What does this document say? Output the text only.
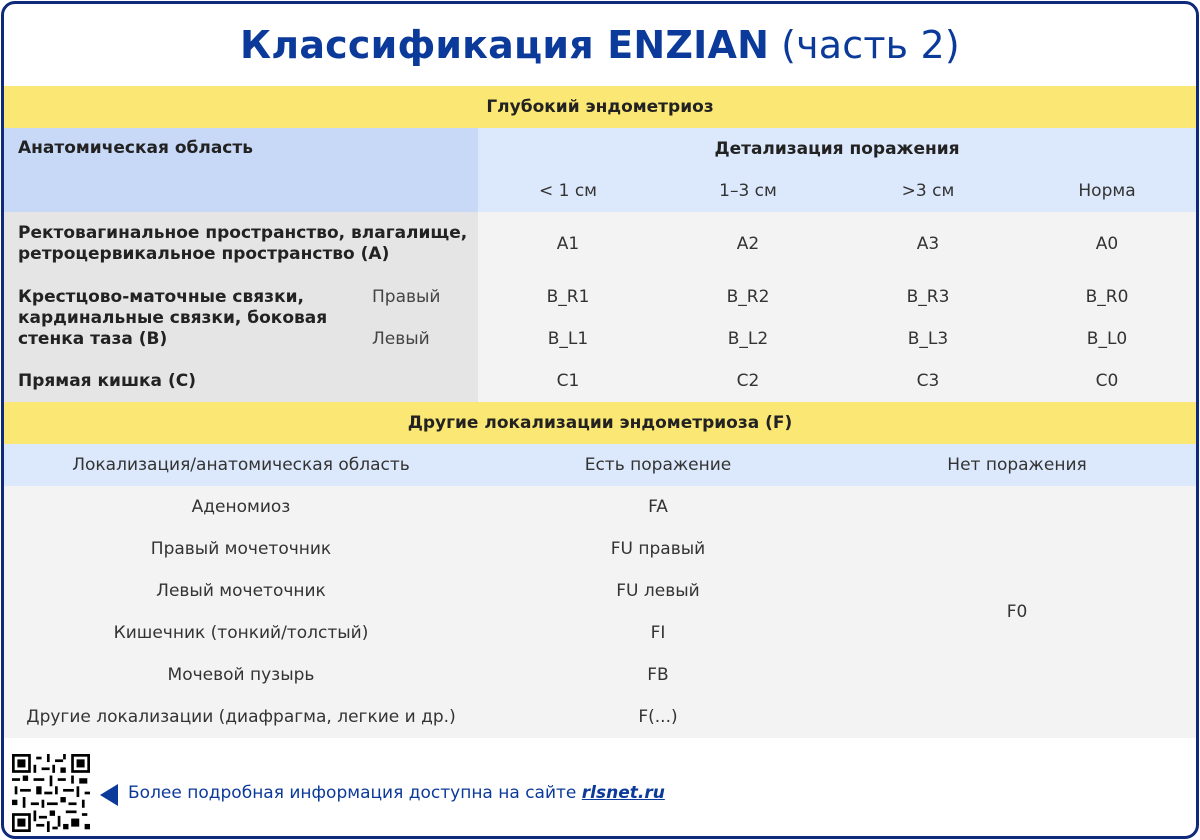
Классификация ENZIAN (часть 2)
Глубокий эндометриоз
Анатомическая область		Детализация поражения			
		< 1 см	1–3 см	>3 см	Норма

Ректовагинальное пространство, влагалище,
ретроцервикальное пространство (A)		A1	A2	A3	A0

Крестцово-маточные связки,
кардинальные связки, боковая
стенка таза (B)	Правый	B_R1	B_R2	B_R3	B_R0
	Левый	B_L1	B_L2	B_L3	B_L0
Прямая кишка (C)		C1	C2	C3	C0
Другие локализации эндометриоза (F)
Локализация/анатомическая область	Есть поражение	Нет поражения
Аденомиоз	FA	F0
Правый мочеточник	FU правый	
Левый мочеточник	FU левый	
Кишечник (тонкий/толстый)	FI	
Мочевой пузырь	FB	
Другие локализации (диафрагма, легкие и др.)	F(...)	
Более подробная информация доступна на сайте rlsnet.ru
